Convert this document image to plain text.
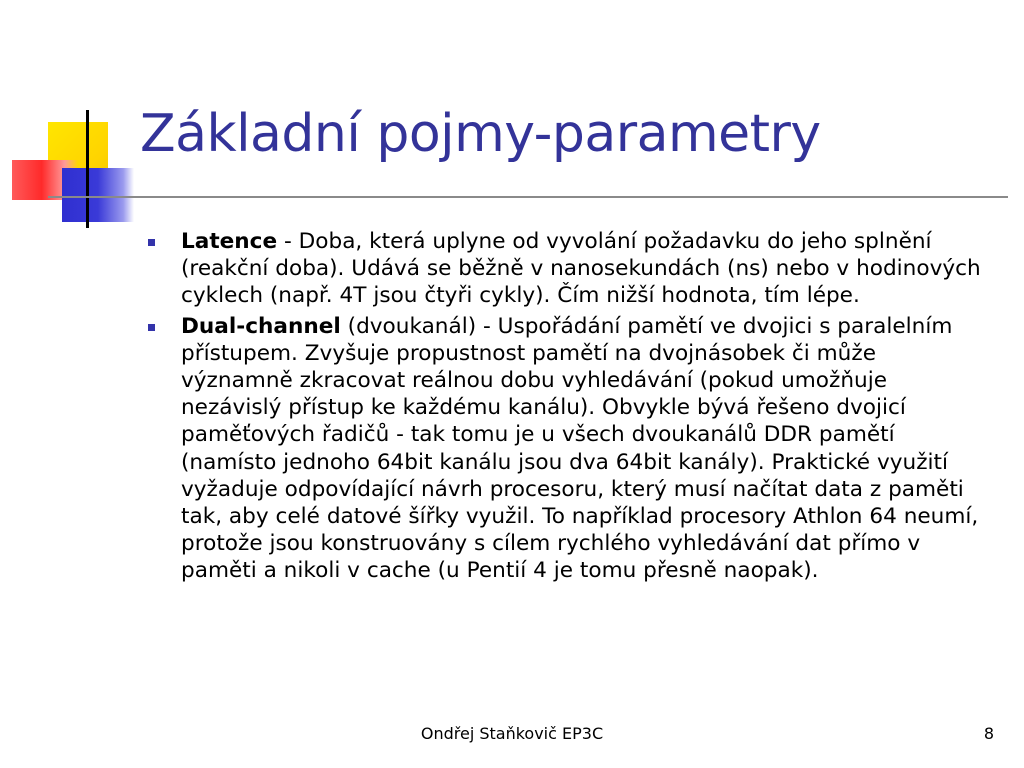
Základní pojmy-parametry
Latence - Doba, která uplyne od vyvolání požadavku do jeho splnění (reakční doba). Udává se běžně v nanosekundách (ns) nebo v hodinových cyklech (např. 4T jsou čtyři cykly). Čím nižší hodnota, tím lépe.
Dual-channel (dvoukanál) - Uspořádání pamětí ve dvojici s paralelním přístupem. Zvyšuje propustnost pamětí na dvojnásobek či může významně zkracovat reálnou dobu vyhledávání (pokud umožňuje nezávislý přístup ke každému kanálu). Obvykle bývá řešeno dvojicí paměťových řadičů - tak tomu je u všech dvoukanálů DDR pamětí (namísto jednoho 64bit kanálu jsou dva 64bit kanály). Praktické využití vyžaduje odpovídající návrh procesoru, který musí načítat data z paměti tak, aby celé datové šířky využil. To například procesory Athlon 64 neumí, protože jsou konstruovány s cílem rychlého vyhledávání dat přímo v paměti a nikoli v cache (u Pentií 4 je tomu přesně naopak).
Ondřej Staňkovič EP3C	8
